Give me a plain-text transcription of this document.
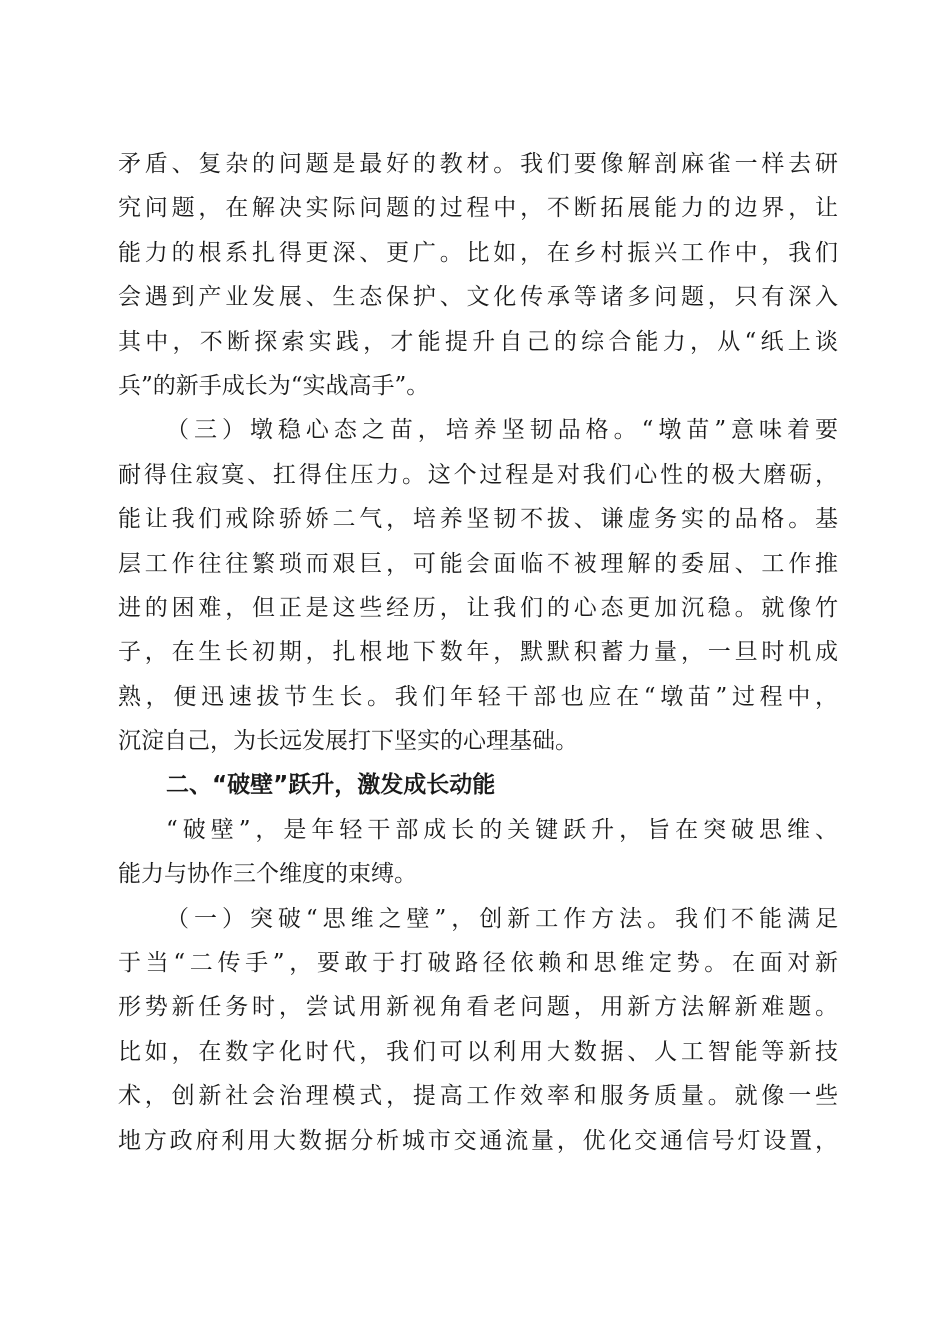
矛盾、复杂的问题是最好的教材。我们要像解剖麻雀一样去研
究问题，在解决实际问题的过程中，不断拓展能力的边界，让
能力的根系扎得更深、更广。比如，在乡村振兴工作中，我们
会遇到产业发展、生态保护、文化传承等诸多问题，只有深入
其中，不断探索实践，才能提升自己的综合能力，从“纸上谈
兵”的新手成长为“实战高手”。
（三）墩稳心态之苗，培养坚韧品格。“墩苗”意味着要
耐得住寂寞、扛得住压力。这个过程是对我们心性的极大磨砺，
能让我们戒除骄娇二气，培养坚韧不拔、谦虚务实的品格。基
层工作往往繁琐而艰巨，可能会面临不被理解的委屈、工作推
进的困难，但正是这些经历，让我们的心态更加沉稳。就像竹
子，在生长初期，扎根地下数年，默默积蓄力量，一旦时机成
熟，便迅速拔节生长。我们年轻干部也应在“墩苗”过程中，
沉淀自己，为长远发展打下坚实的心理基础。
二、“破壁”跃升，激发成长动能
“破壁”，是年轻干部成长的关键跃升，旨在突破思维、
能力与协作三个维度的束缚。
（一）突破“思维之壁”，创新工作方法。我们不能满足
于当“二传手”，要敢于打破路径依赖和思维定势。在面对新
形势新任务时，尝试用新视角看老问题，用新方法解新难题。
比如，在数字化时代，我们可以利用大数据、人工智能等新技
术，创新社会治理模式，提高工作效率和服务质量。就像一些
地方政府利用大数据分析城市交通流量，优化交通信号灯设置，
